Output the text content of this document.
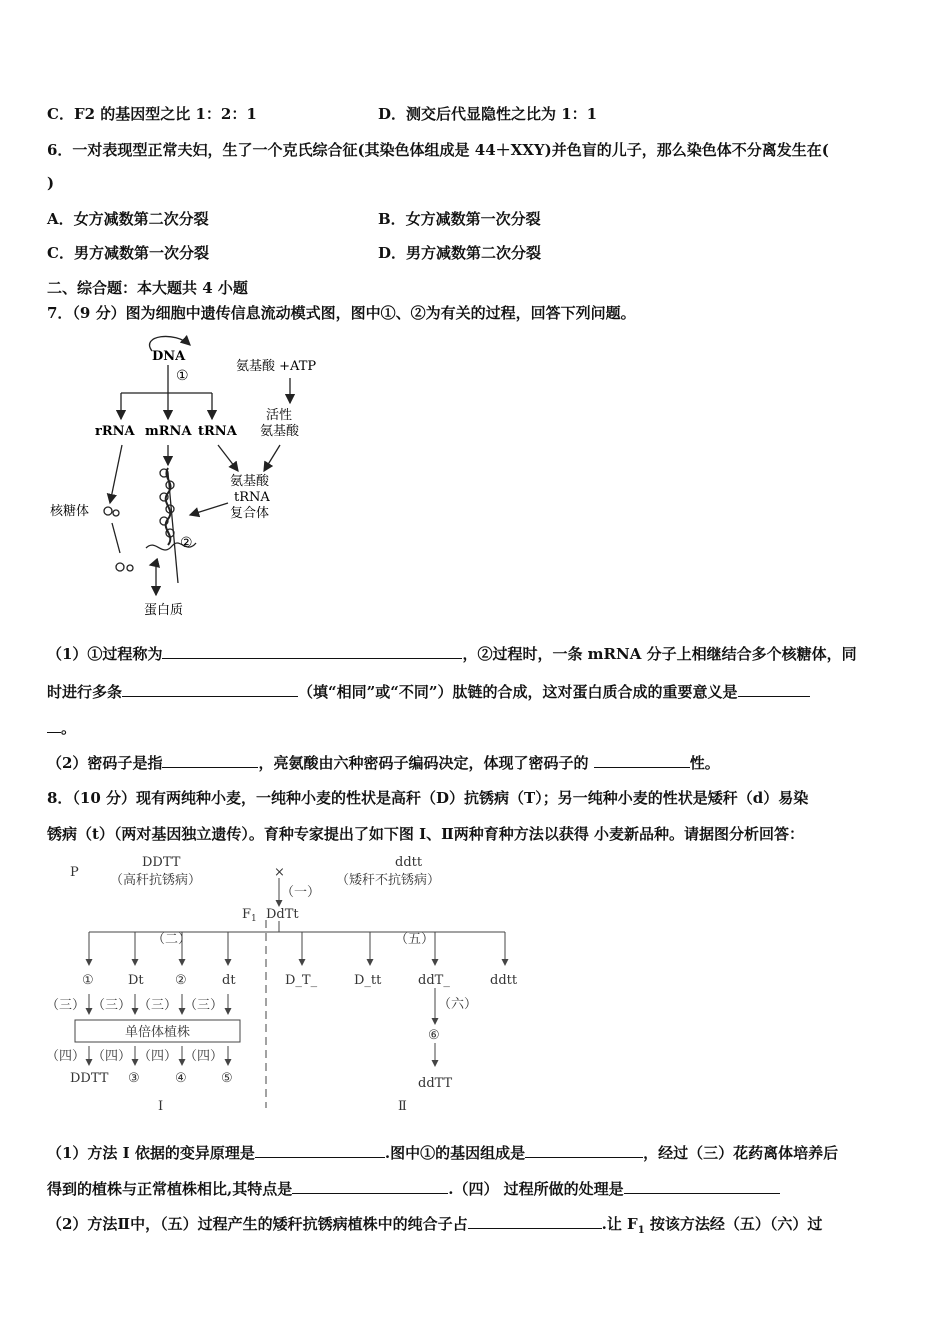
C．F2 的基因型之比 1：2：1	D．测交后代显隐性之比为 1：1
6．一对表现型正常夫妇，生了一个克氏综合征(其染色体组成是 44＋XXY)并色盲的儿子，那么染色体不分离发生在(
)
A．女方减数第二次分裂	B．女方减数第一次分裂
C．男方减数第一次分裂	D．男方减数第二次分裂
二、综合题：本大题共 4 小题
7．（9 分）图为细胞中遗传信息流动模式图，图中①、②为有关的过程，回答下列问题。
DNA
①
氨基酸 +ATP
活性
氨基酸
rRNA mRNA tRNA
氨基酸
tRNA
复合体
核糖体
②
蛋白质
（1）①过程称为	，②过程时，一条 mRNA 分子上相继结合多个核糖体，同
时进行多条	（填“相同”或“不同”）肽链的合成，这对蛋白质合成的重要意义是
。
（2）密码子是指	，亮氨酸由六种密码子编码决定，体现了密码子的	性。
8．（10 分）现有两纯种小麦，一纯种小麦的性状是高秆（D）抗锈病（T）；另一纯种小麦的性状是矮秆（d）易染
锈病（t）（两对基因独立遗传）。育种专家提出了如下图 I、Ⅱ两种育种方法以获得 小麦新品种。请据图分析回答：
P
DDTT
（高秆抗锈病）
×
ddtt
（矮秆不抗锈病）
（一）
$F_1$ DdTt
（二）	（五）
①	Dt ②	dt
（三） （三） （三） （三）
单倍体植株
（四） （四） （四） （四）
DDTT ③	④	⑤
D_T_	D_tt	ddT_	ddtt
（六）
⑥
ddTT
I	Ⅱ
（1）方法 I 依据的变异原理是	.图中①的基因组成是	，经过（三）花药离体培养后
得到的植株与正常植株相比,其特点是	.（四） 过程所做的处理是
（2）方法Ⅱ中，（五）过程产生的矮秆抗锈病植株中的纯合子占	.让 $F_1$ 按该方法经（五）（六）过
